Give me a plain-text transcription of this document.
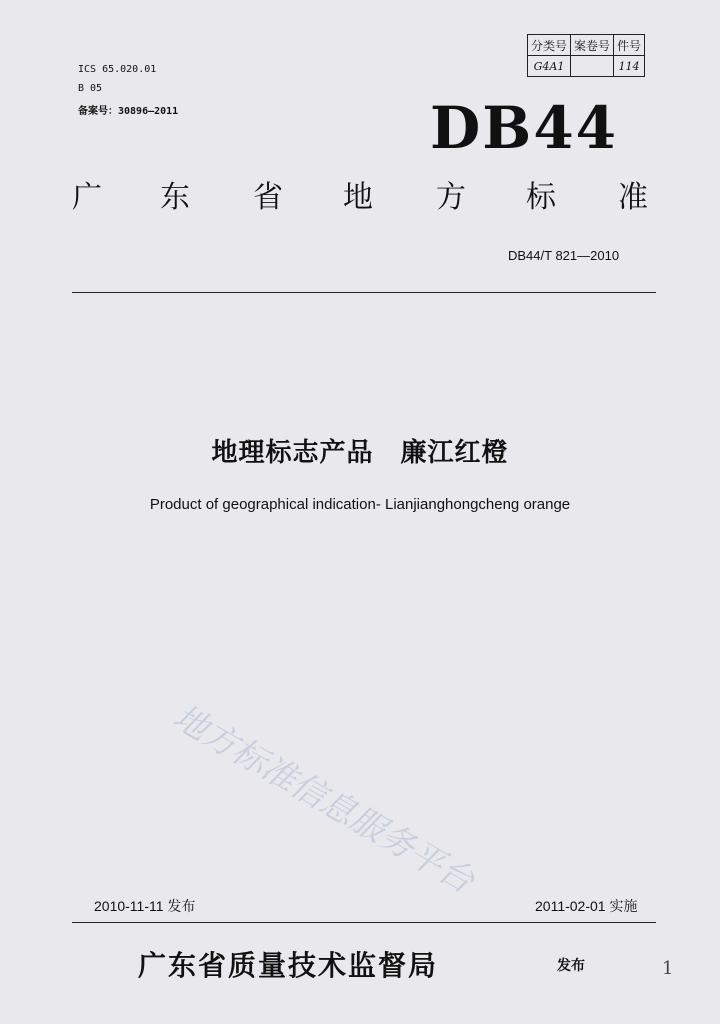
ICS 65.020.01
B 05
备案号：30896—2011
分类号	案卷号	件号
G4A1		114
DB44
广 东 省 地 方 标 准
DB44/T 821—2010
地理标志产品　廉江红橙
Product of geographical indication- Lianjianghongcheng orange
地方标准信息服务平台
2010-11-11 发布	2011-02-01 实施
广东省质量技术监督局	发布	1
